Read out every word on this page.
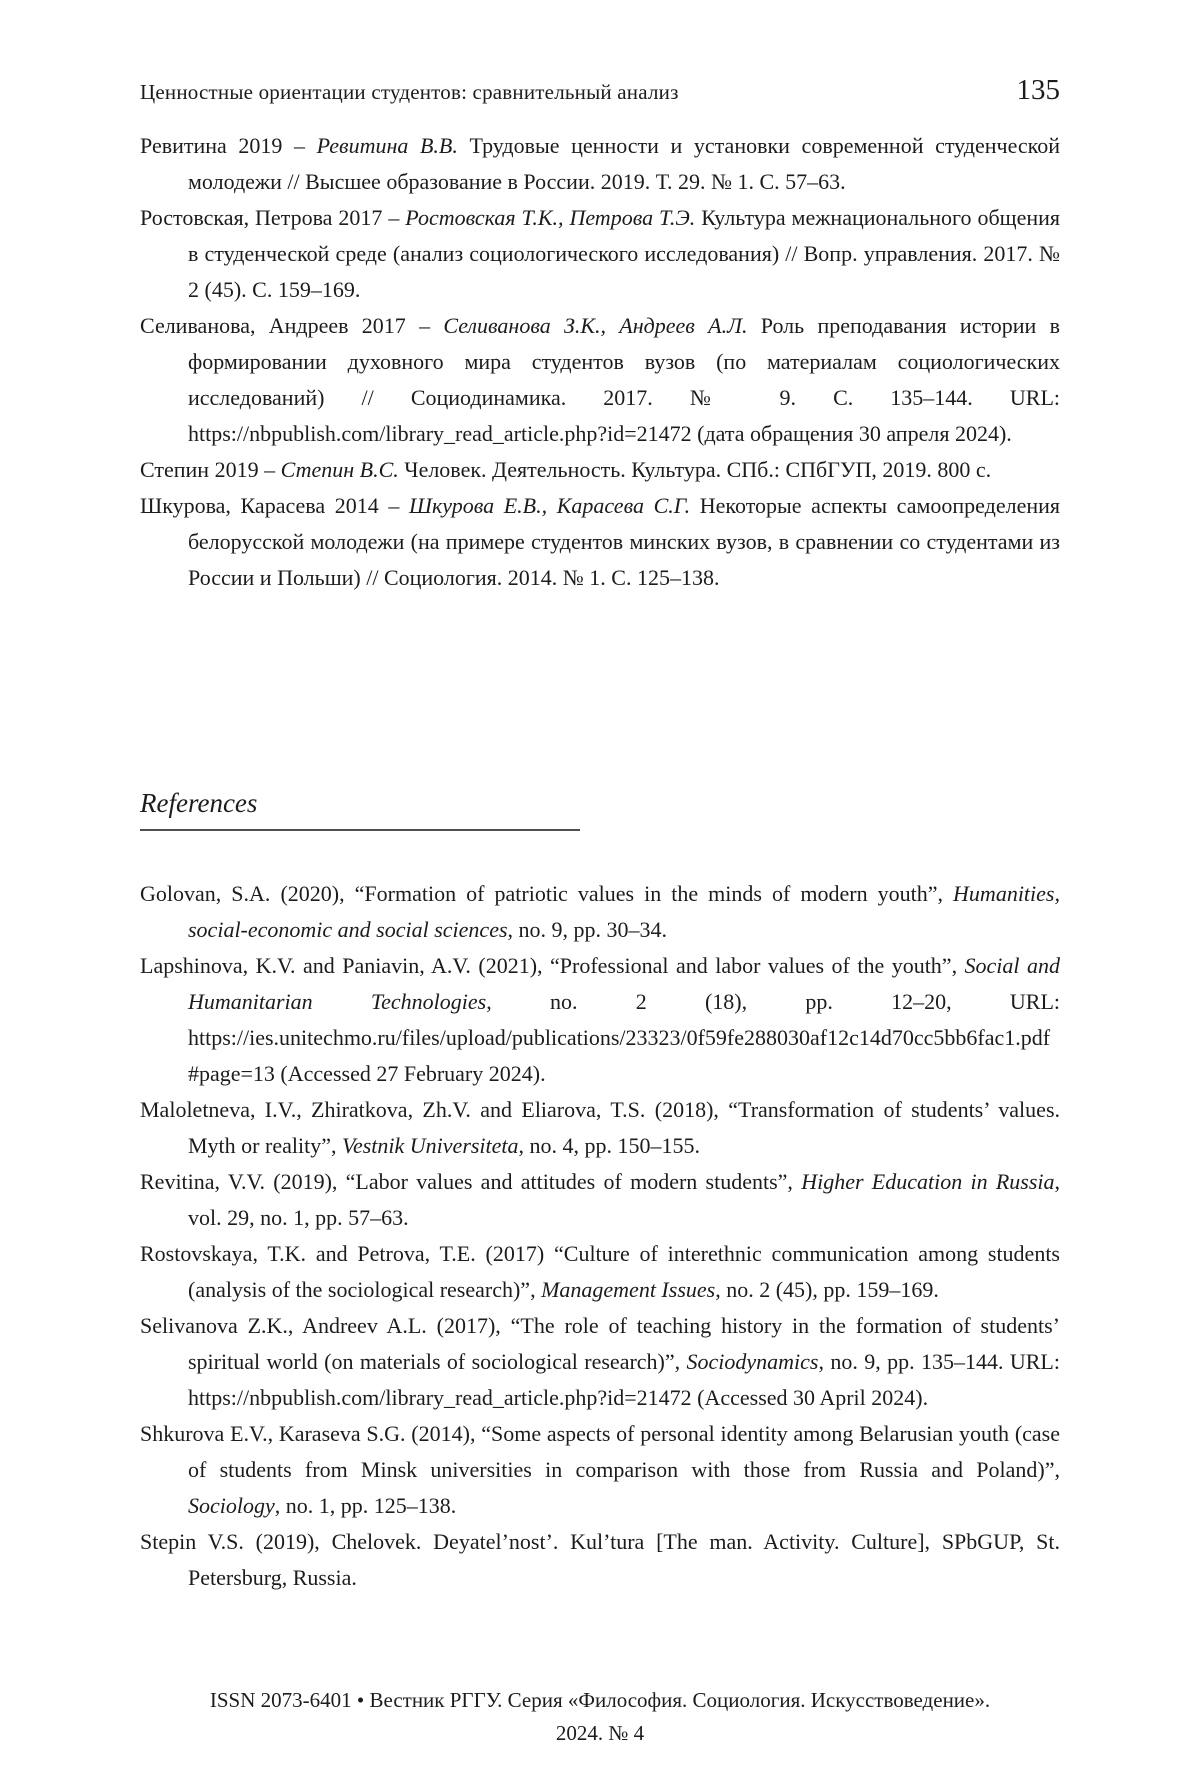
Ценностные ориентации студентов: сравнительный анализ	135

Ревитина 2019 – Ревитина В.В. Трудовые ценности и установки современной студенческой молодежи // Высшее образование в России. 2019. Т. 29. № 1. С. 57–63.

Ростовская, Петрова 2017 – Ростовская Т.К., Петрова Т.Э. Культура межнационального общения в студенческой среде (анализ социологического исследования) // Вопр. управления. 2017. № 2 (45). С. 159–169.

Селиванова, Андреев 2017 – Селиванова З.К., Андреев А.Л. Роль преподавания истории в формировании духовного мира студентов вузов (по материалам социологических исследований) // Социодинамика. 2017. № 9. С. 135–144. URL: https://nbpublish.com/library_read_article.php?id=21472 (дата обращения 30 апреля 2024).

Степин 2019 – Степин В.С. Человек. Деятельность. Культура. СПб.: СПбГУП, 2019. 800 с.

Шкурова, Карасева 2014 – Шкурова Е.В., Карасева С.Г. Некоторые аспекты самоопределения белорусской молодежи (на примере студентов минских вузов, в сравнении со студентами из России и Польши) // Социология. 2014. № 1. С. 125–138.

References

Golovan, S.A. (2020), “Formation of patriotic values in the minds of modern youth”, Humanities, social-economic and social sciences, no. 9, pp. 30–34.

Lapshinova, K.V. and Paniavin, A.V. (2021), “Professional and labor values of the youth”, Social and Humanitarian Technologies, no. 2 (18), pp. 12–20, URL: https://ies.unitechmo.ru/files/upload/publications/23323/0f59fe288030af12c14d70cc5bb6fac1.pdf#page=13 (Accessed 27 February 2024).

Maloletneva, I.V., Zhiratkova, Zh.V. and Eliarova, T.S. (2018), “Transformation of students’ values. Myth or reality”, Vestnik Universiteta, no. 4, pp. 150–155.

Revitina, V.V. (2019), “Labor values and attitudes of modern students”, Higher Education in Russia, vol. 29, no. 1, pp. 57–63.

Rostovskaya, T.K. and Petrova, T.E. (2017) “Culture of interethnic communication among students (analysis of the sociological research)”, Management Issues, no. 2 (45), pp. 159–169.

Selivanova Z.K., Andreev A.L. (2017), “The role of teaching history in the formation of students’ spiritual world (on materials of sociological research)”, Sociodynamics, no. 9, pp. 135–144. URL: https://nbpublish.com/library_read_article.php?id=21472 (Accessed 30 April 2024).

Shkurova E.V., Karaseva S.G. (2014), “Some aspects of personal identity among Belarusian youth (case of students from Minsk universities in comparison with those from Russia and Poland)”, Sociology, no. 1, pp. 125–138.

Stepin V.S. (2019), Chelovek. Deyatel’nost’. Kul’tura [The man. Activity. Culture], SPbGUP, St. Petersburg, Russia.

ISSN 2073-6401 • Вестник РГГУ. Серия «Философия. Социология. Искусствоведение».
2024. № 4
